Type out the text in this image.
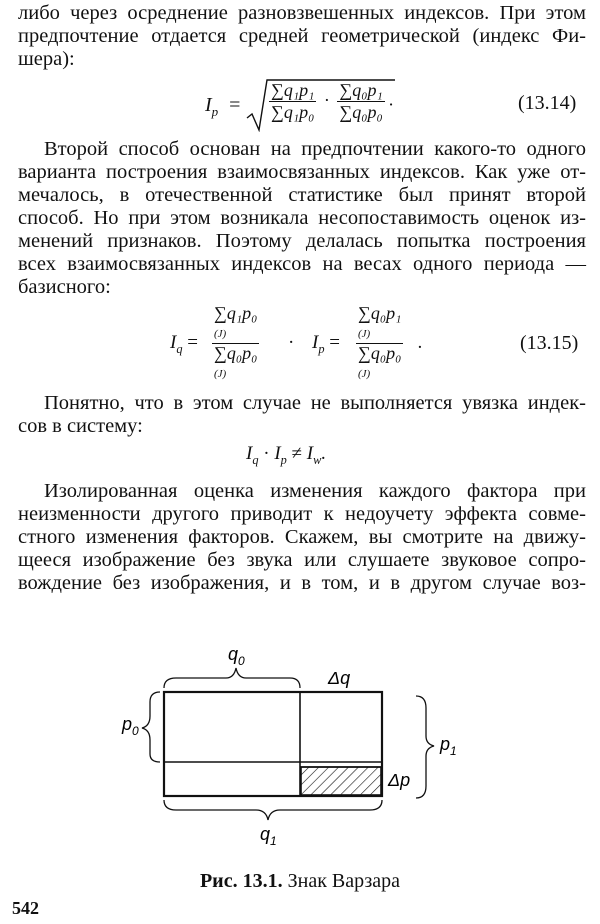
либо через осреднение разновзвешенных индексов. При этом
предпочтение отдается средней геометрической (индекс Фи-
шера):
$I_p$ =	$\frac{\text{∑q₁p₁}}{\text{∑q₁p₀}} \cdot \frac{\text{∑q₀p₁}}{\text{∑q₀p₀}}$ .	(13.14)
Второй способ основан на предпочтении какого-то одного
варианта построения взаимосвязанных индексов. Как уже от-
мечалось, в отечественной статистике был принят второй
способ. Но при этом возникала несопоставимость оценок из-
менений признаков. Поэтому делалась попытка построения
всех взаимосвязанных индексов на весах одного периода —
базисного:
$I_q$ =
∑q₁p₀
(J)
∑q₀p₀
(J)
· $I_p$ =
∑q₀p₁
(J)
∑q₀p₀
(J)
.	(13.15)
Понятно, что в этом случае не выполняется увязка индек-
сов в систему:
$I_q \cdot I_p \ne I_w$.
Изолированная оценка изменения каждого фактора при
неизменности другого приводит к недоучету эффекта совме-
стного изменения факторов. Скажем, вы смотрите на движу-
щееся изображение без звука или слушаете звуковое сопро-
вождение без изображения, и в том, и в другом случае воз-
$q_0$
Δq
$p_0$
$p_1$
Δp
$q_1$
Рис. 13.1. Знак Варзара
542
